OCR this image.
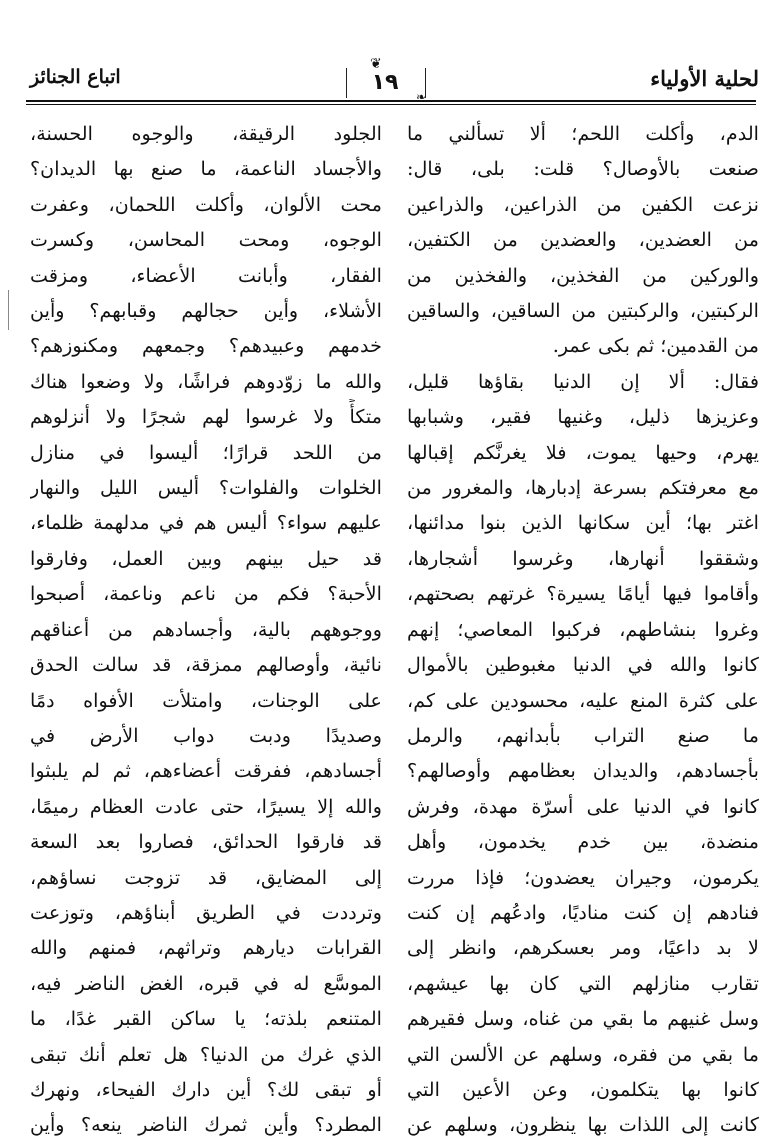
لحلية الأولياء
❦
❧
١٩
اتباع الجنائز
الدم، وأكلت اللحم؛ ألا تسألني ما
صنعت بالأوصال؟ قلت: بلى، قال:
نزعت الكفين من الذراعين، والذراعين
من العضدين، والعضدين من الكتفين،
والوركين من الفخذين، والفخذين من
الركبتين، والركبتين من الساقين، والساقين
من القدمين؛ ثم بكى عمر.
فقال: ألا إن الدنيا بقاؤها قليل،
وعزيزها ذليل، وغنيها فقير، وشبابها
يهرم، وحيها يموت، فلا يغرنَّكم إقبالها
مع معرفتكم بسرعة إدبارها، والمغرور من
اغتر بها؛ أين سكانها الذين بنوا مدائنها،
وشققوا أنهارها، وغرسوا أشجارها،
وأقاموا فيها أيامًا يسيرة؟ غرتهم بصحتهم،
وغروا بنشاطهم، فركبوا المعاصي؛ إنهم
كانوا والله في الدنيا مغبوطين بالأموال
على كثرة المنع عليه، محسودين على كم،
ما صنع التراب بأبدانهم، والرمل
بأجسادهم، والديدان بعظامهم وأوصالهم؟
كانوا في الدنيا على أسرّة مهدة، وفرش
منضدة، بين خدم يخدمون، وأهل
يكرمون، وجيران يعضدون؛ فإذا مررت
فنادهم إن كنت مناديًا، وادعُهم إن كنت
لا بد داعيًا، ومر بعسكرهم، وانظر إلى
تقارب منازلهم التي كان بها عيشهم،
وسل غنيهم ما بقي من غناه، وسل فقيرهم
ما بقي من فقره، وسلهم عن الألسن التي
كانوا بها يتكلمون، وعن الأعين التي
كانت إلى اللذات بها ينظرون، وسلهم عن
الجلود الرقيقة، والوجوه الحسنة،
والأجساد الناعمة، ما صنع بها الديدان؟
محت الألوان، وأكلت اللحمان، وعفرت
الوجوه، ومحت المحاسن، وكسرت
الفقار، وأبانت الأعضاء، ومزقت
الأشلاء، وأين حجالهم وقبابهم؟ وأين
خدمهم وعبيدهم؟ وجمعهم ومكنوزهم؟
والله ما زوّدوهم فراشًا، ولا وضعوا هناك
متكأً ولا غرسوا لهم شجرًا ولا أنزلوهم
من اللحد قرارًا؛ أليسوا في منازل
الخلوات والفلوات؟ أليس الليل والنهار
عليهم سواء؟ أليس هم في مدلهمة ظلماء،
قد حيل بينهم وبين العمل، وفارقوا
الأحبة؟ فكم من ناعم وناعمة، أصبحوا
ووجوههم بالية، وأجسادهم من أعناقهم
نائية، وأوصالهم ممزقة، قد سالت الحدق
على الوجنات، وامتلأت الأفواه دمًا
وصديدًا ودبت دواب الأرض في
أجسادهم، ففرقت أعضاءهم، ثم لم يلبثوا
والله إلا يسيرًا، حتى عادت العظام رميمًا،
قد فارقوا الحدائق، فصاروا بعد السعة
إلى المضايق، قد تزوجت نساؤهم،
وترددت في الطريق أبناؤهم، وتوزعت
القرابات ديارهم وتراثهم، فمنهم والله
الموسَّع له في قبره، الغض الناضر فيه،
المتنعم بلذته؛ يا ساكن القبر غدًا، ما
الذي غرك من الدنيا؟ هل تعلم أنك تبقى
أو تبقى لك؟ أين دارك الفيحاء، ونهرك
المطرد؟ وأين ثمرك الناضر ينعه؟ وأين
